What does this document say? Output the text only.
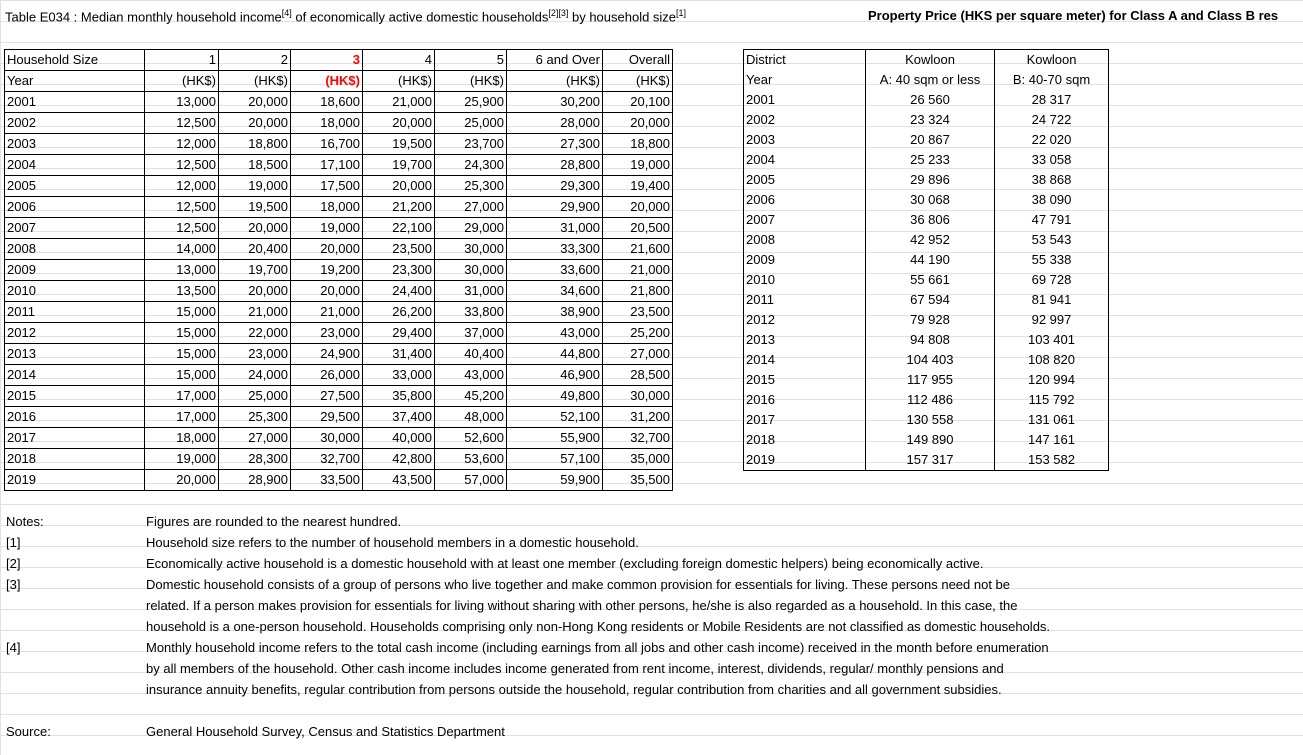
Table E034 : Median monthly household income[4] of economically active domestic households[2][3] by household size[1]	Property Price (HKS per square meter) for Class A and Class B res
Household Size	1	2	3	4	5	6 and Over	Overall
Year	(HK$)	(HK$)	(HK$)	(HK$)	(HK$)	(HK$)	(HK$)
2001	13,000	20,000	18,600	21,000	25,900	30,200	20,100
2002	12,500	20,000	18,000	20,000	25,000	28,000	20,000
2003	12,000	18,800	16,700	19,500	23,700	27,300	18,800
2004	12,500	18,500	17,100	19,700	24,300	28,800	19,000
2005	12,000	19,000	17,500	20,000	25,300	29,300	19,400
2006	12,500	19,500	18,000	21,200	27,000	29,900	20,000
2007	12,500	20,000	19,000	22,100	29,000	31,000	20,500
2008	14,000	20,400	20,000	23,500	30,000	33,300	21,600
2009	13,000	19,700	19,200	23,300	30,000	33,600	21,000
2010	13,500	20,000	20,000	24,400	31,000	34,600	21,800
2011	15,000	21,000	21,000	26,200	33,800	38,900	23,500
2012	15,000	22,000	23,000	29,400	37,000	43,000	25,200
2013	15,000	23,000	24,900	31,400	40,400	44,800	27,000
2014	15,000	24,000	26,000	33,000	43,000	46,900	28,500
2015	17,000	25,000	27,500	35,800	45,200	49,800	30,000
2016	17,000	25,300	29,500	37,400	48,000	52,100	31,200
2017	18,000	27,000	30,000	40,000	52,600	55,900	32,700
2018	19,000	28,300	32,700	42,800	53,600	57,100	35,000
2019	20,000	28,900	33,500	43,500	57,000	59,900	35,500
District	Kowloon	Kowloon
Year	A: 40 sqm or less	B: 40-70 sqm
2001	26 560	28 317
2002	23 324	24 722
2003	20 867	22 020
2004	25 233	33 058
2005	29 896	38 868
2006	30 068	38 090
2007	36 806	47 791
2008	42 952	53 543
2009	44 190	55 338
2010	55 661	69 728
2011	67 594	81 941
2012	79 928	92 997
2013	94 808	103 401
2014	104 403	108 820
2015	117 955	120 994
2016	112 486	115 792
2017	130 558	131 061
2018	149 890	147 161
2019	157 317	153 582
Notes:	Figures are rounded to the nearest hundred.
[1]	Household size refers to the number of household members in a domestic household.
[2]	Economically active household is a domestic household with at least one member (excluding foreign domestic helpers) being economically active.
[3]	Domestic household consists of a group of persons who live together and make common provision for essentials for living. These persons need not be
related. If a person makes provision for essentials for living without sharing with other persons, he/she is also regarded as a household. In this case, the
household is a one-person household. Households comprising only non-Hong Kong residents or Mobile Residents are not classified as domestic households.
[4]	Monthly household income refers to the total cash income (including earnings from all jobs and other cash income) received in the month before enumeration
by all members of the household. Other cash income includes income generated from rent income, interest, dividends, regular/ monthly pensions and
insurance annuity benefits, regular contribution from persons outside the household, regular contribution from charities and all government subsidies.
Source:	General Household Survey, Census and Statistics Department
